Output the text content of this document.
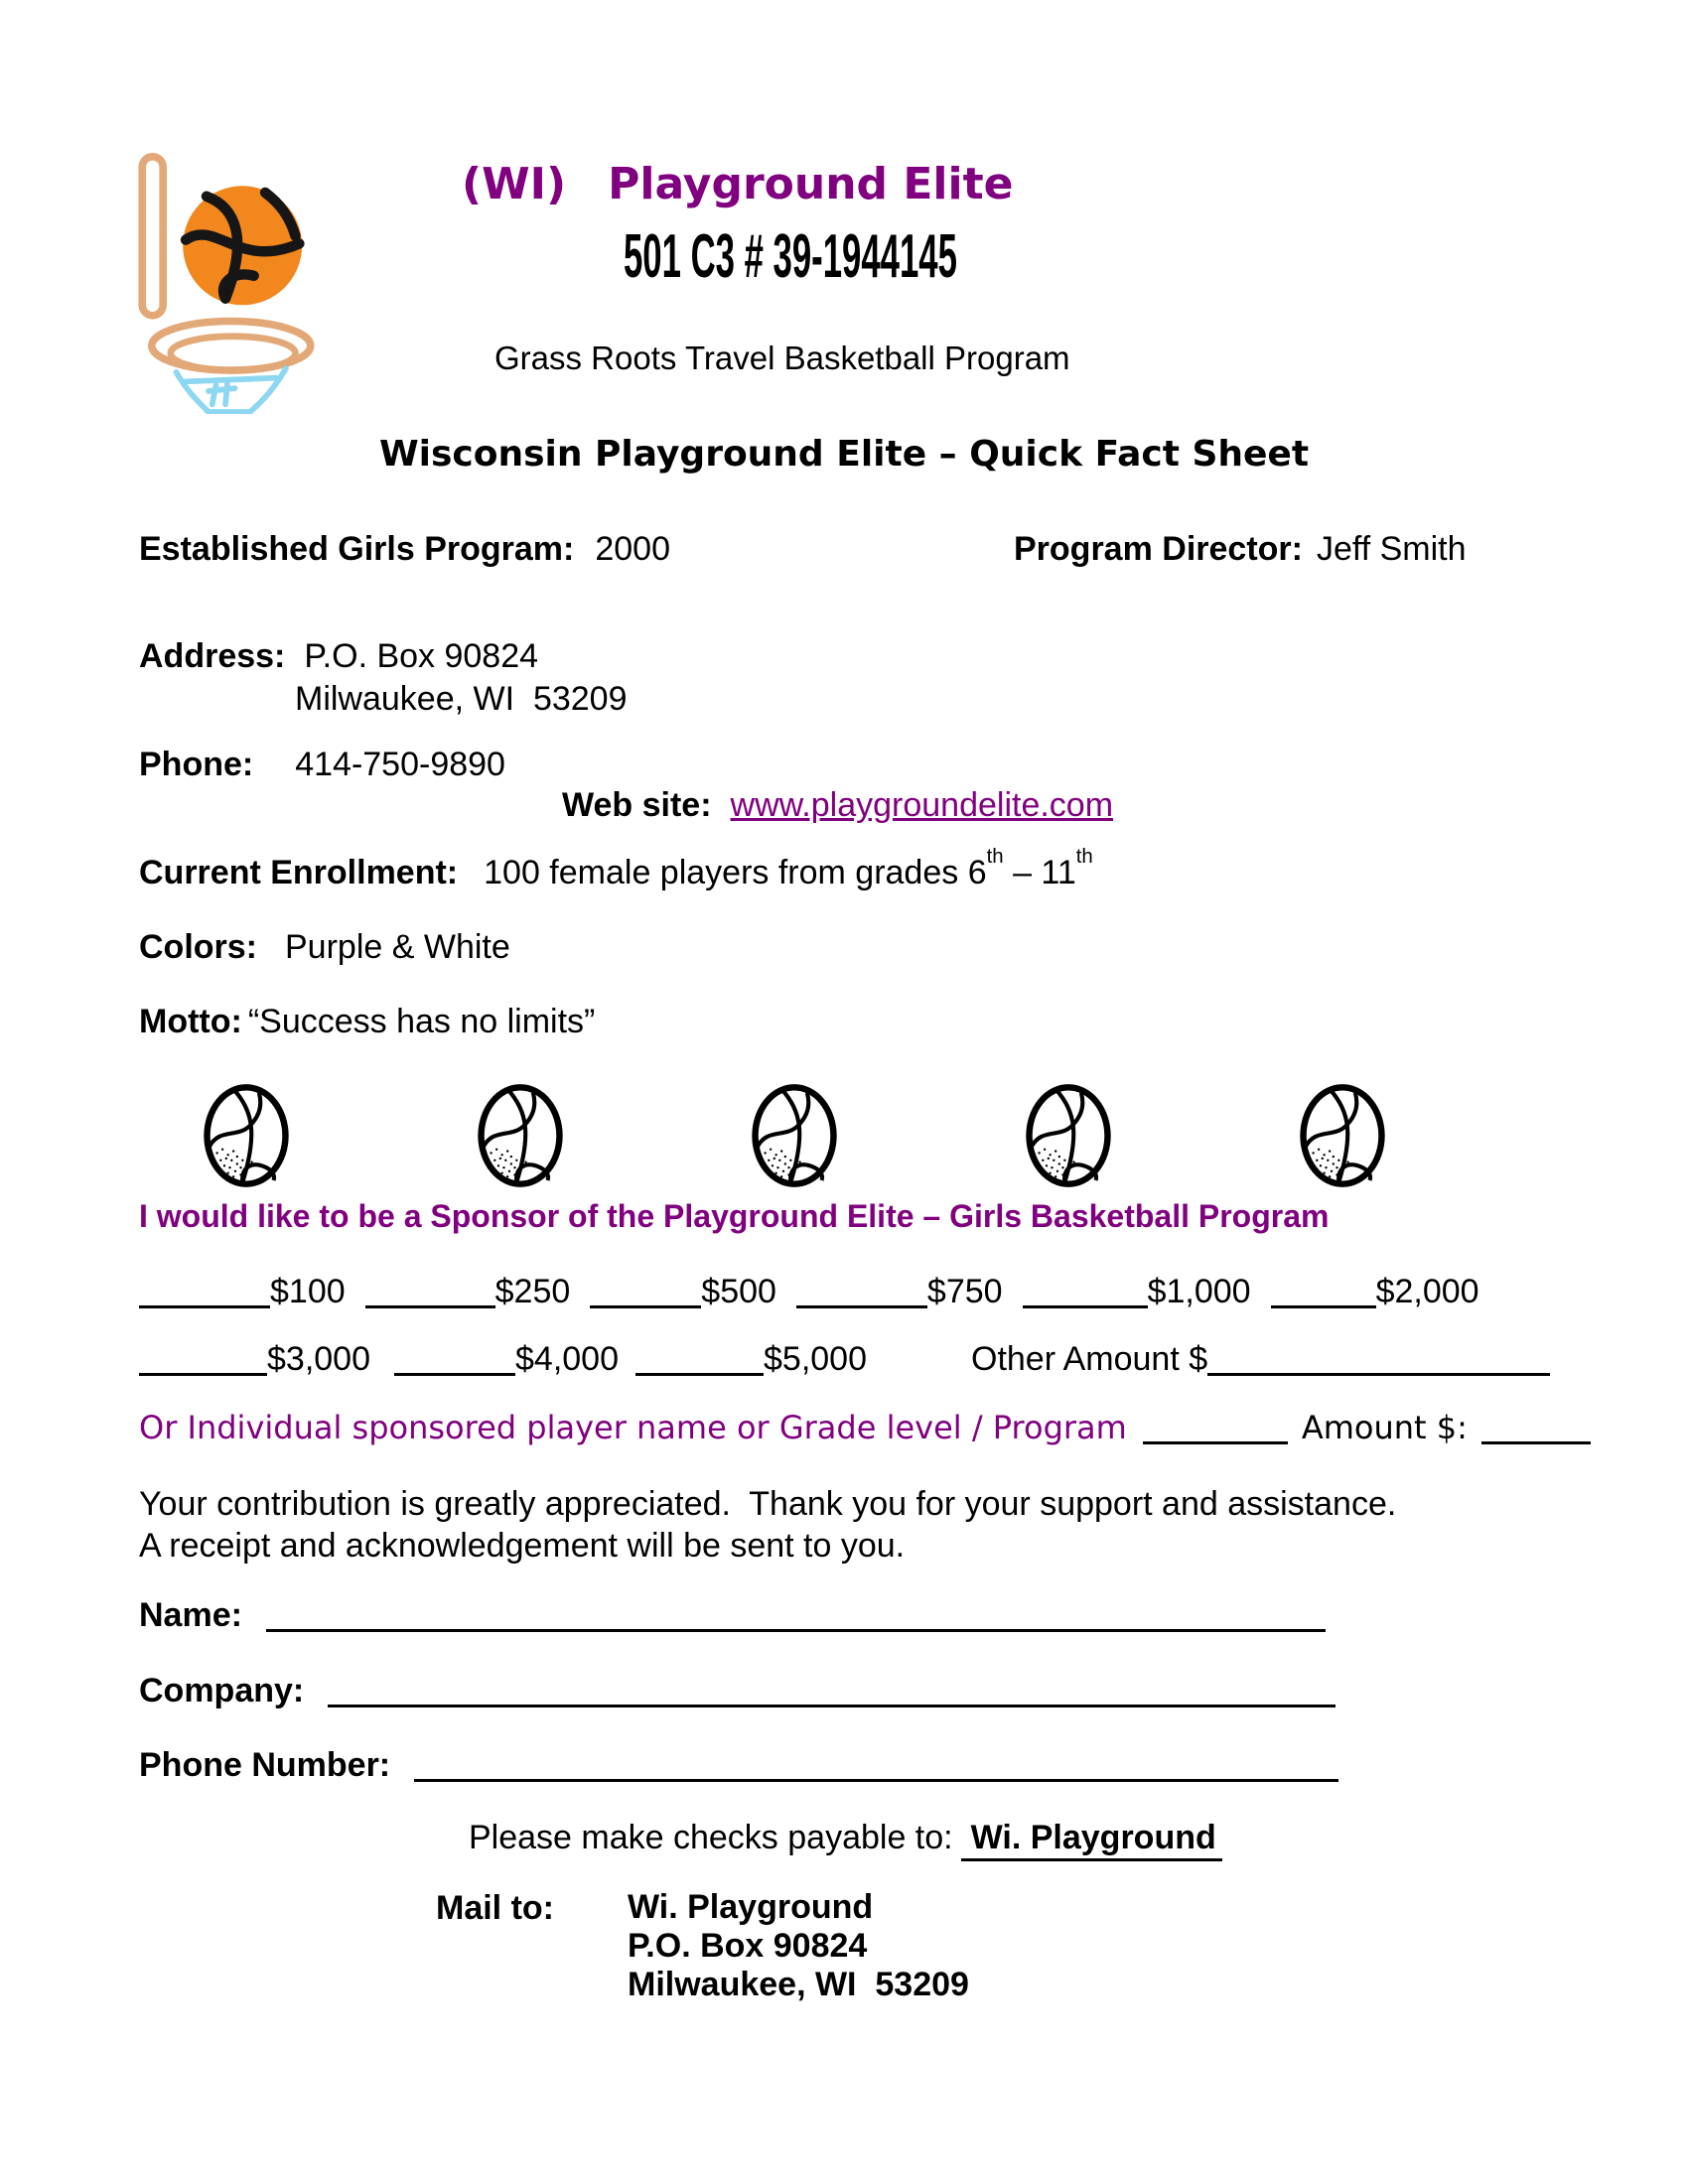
(WI) Playground Elite
501 C3 # 39-1944145
Grass Roots Travel Basketball Program
Wisconsin Playground Elite – Quick Fact Sheet
Established Girls Program: 2000	Program Director: Jeff Smith
Address: P.O. Box 90824
Milwaukee, WI  53209
Phone: 414-750-9890
Web site: www.playgroundelite.com
Current Enrollment: 100 female players from grades 6th – 11th
Colors: Purple & White
Motto: “Success has no limits”
I would like to be a Sponsor of the Playground Elite – Girls Basketball Program
$100	$250	$500	$750	$1,000	$2,000
$3,000	$4,000	$5,000	Other Amount $
Or Individual sponsored player name or Grade level / Program	Amount $:
Your contribution is greatly appreciated.  Thank you for your support and assistance.
A receipt and acknowledgement will be sent to you.
Name:
Company:
Phone Number:
Please make checks payable to: Wi. Playground
Mail to: Wi. Playground
P.O. Box 90824
Milwaukee, WI  53209
